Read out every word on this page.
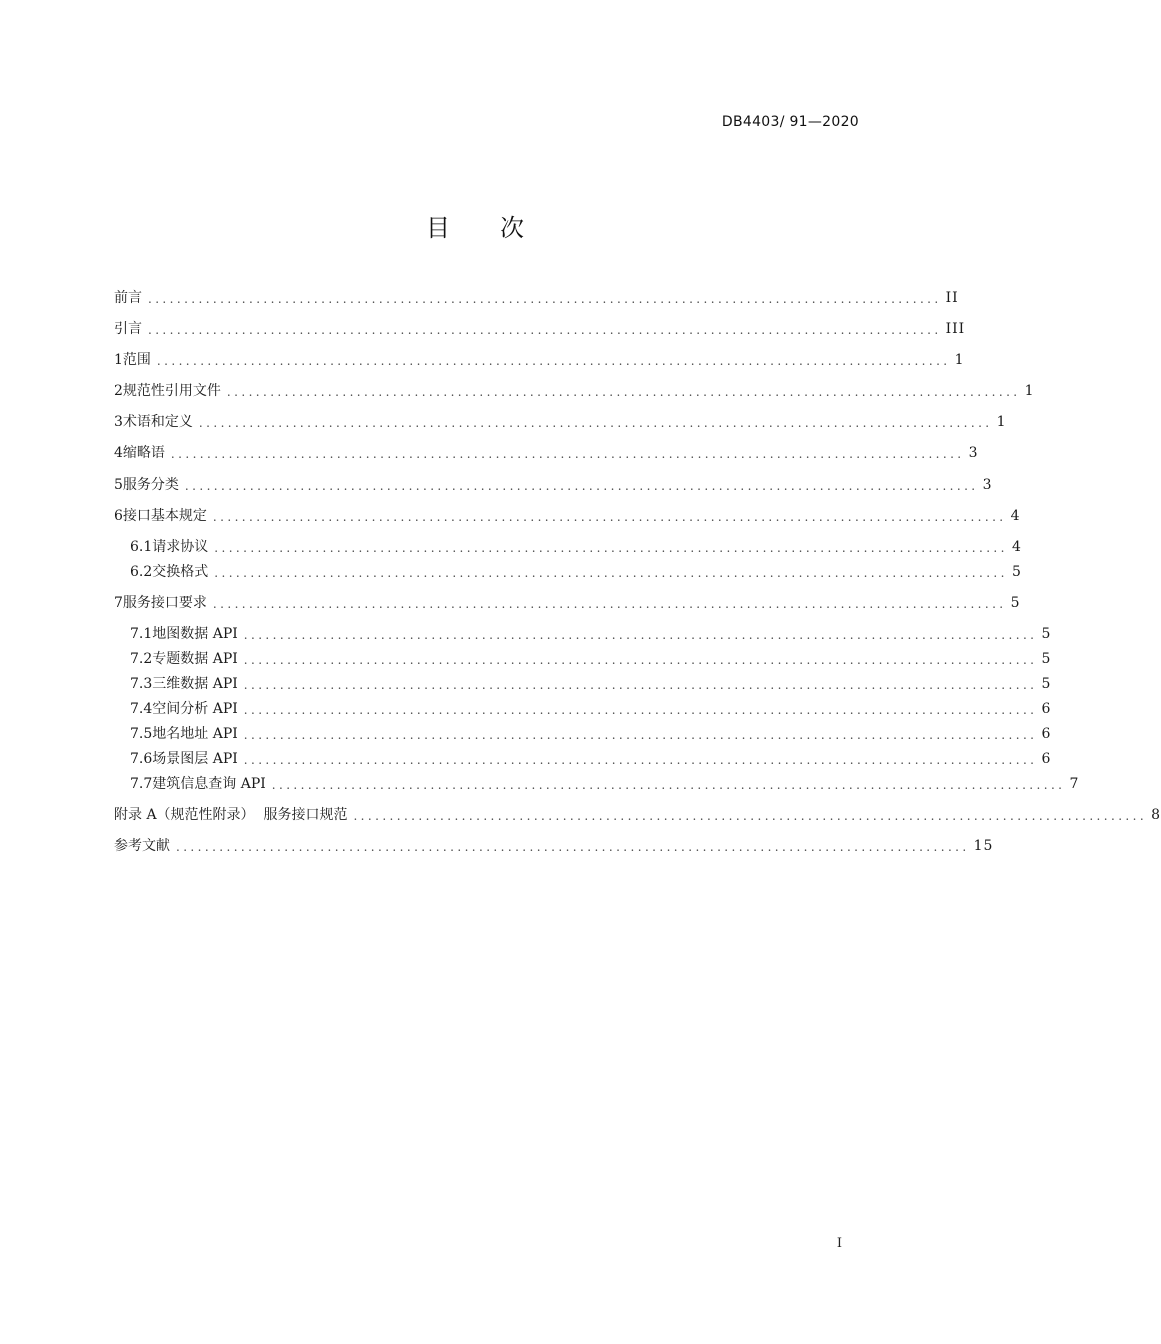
DB4403/ 91—2020
目 次
前言 .............................................................................................................. II
引言 .............................................................................................................. III
1 范围 .............................................................................................................. 1
2 规范性引用文件 .............................................................................................................. 1
3 术语和定义 .............................................................................................................. 1
4 缩略语 .............................................................................................................. 3
5 服务分类 .............................................................................................................. 3
6 接口基本规定 .............................................................................................................. 4
6.1 请求协议 .............................................................................................................. 4
6.2 交换格式 .............................................................................................................. 5
7 服务接口要求 .............................................................................................................. 5
7.1 地图数据 API .............................................................................................................. 5
7.2 专题数据 API .............................................................................................................. 5
7.3 三维数据 API .............................................................................................................. 5
7.4 空间分析 API .............................................................................................................. 6
7.5 地名地址 API .............................................................................................................. 6
7.6 场景图层 API .............................................................................................................. 6
7.7 建筑信息查询 API .............................................................................................................. 7
附录 A（规范性附录）  服务接口规范 .............................................................................................................. 8
参考文献 .............................................................................................................. 15
I
